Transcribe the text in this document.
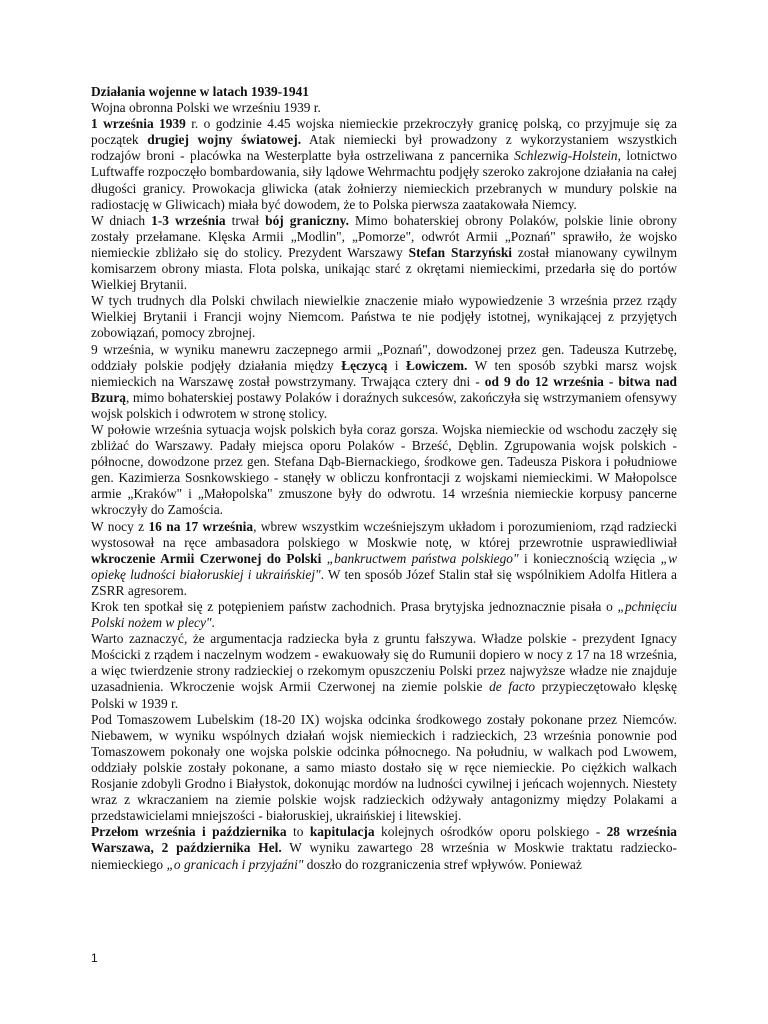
Działania wojenne w latach 1939-1941

Wojna obronna Polski we wrześniu 1939 r.

1 września 1939 r. o godzinie 4.45 wojska niemieckie przekroczyły granicę polską, co przyjmuje się za początek drugiej wojny światowej. Atak niemiecki był prowadzony z wykorzystaniem wszystkich rodzajów broni - placówka na Westerplatte była ostrzeliwana z pancernika Schlezwig-Holstein, lotnictwo Luftwaffe rozpoczęło bombardowania, siły lądowe Wehrmachtu podjęły szeroko zakrojone działania na całej długości granicy. Prowokacja gliwicka (atak żołnierzy niemieckich przebranych w mundury polskie na radiostację w Gliwicach) miała być dowodem, że to Polska pierwsza zaatakowała Niemcy.

W dniach 1-3 września trwał bój graniczny. Mimo bohaterskiej obrony Polaków, polskie linie obrony zostały przełamane. Klęska Armii „Modlin", „Pomorze", odwrót Armii „Poznań" sprawiło, że wojsko niemieckie zbliżało się do stolicy. Prezydent Warszawy Stefan Starzyński został mianowany cywilnym komisarzem obrony miasta. Flota polska, unikając starć z okrętami niemieckimi, przedarła się do portów Wielkiej Brytanii.

W tych trudnych dla Polski chwilach niewielkie znaczenie miało wypowiedzenie 3 września przez rządy Wielkiej Brytanii i Francji wojny Niemcom. Państwa te nie podjęły istotnej, wynikającej z przyjętych zobowiązań, pomocy zbrojnej.

9 września, w wyniku manewru zaczepnego armii „Poznań", dowodzonej przez gen. Tadeusza Kutrzebę, oddziały polskie podjęły działania między Łęczycą i Łowiczem. W ten sposób szybki marsz wojsk niemieckich na Warszawę został powstrzymany. Trwająca cztery dni - od 9 do 12 września - bitwa nad Bzurą, mimo bohaterskiej postawy Polaków i doraźnych sukcesów, zakończyła się wstrzymaniem ofensywy wojsk polskich i odwrotem w stronę stolicy.

W połowie września sytuacja wojsk polskich była coraz gorsza. Wojska niemieckie od wschodu zaczęły się zbliżać do Warszawy. Padały miejsca oporu Polaków - Brześć, Dęblin. Zgrupowania wojsk polskich - północne, dowodzone przez gen. Stefana Dąb-Biernackiego, środkowe gen. Tadeusza Piskora i południowe gen. Kazimierza Sosnkowskiego - stanęły w obliczu konfrontacji z wojskami niemieckimi. W Małopolsce armie „Kraków" i „Małopolska" zmuszone były do odwrotu. 14 września niemieckie korpusy pancerne wkroczyły do Zamościa.

W nocy z 16 na 17 września, wbrew wszystkim wcześniejszym układom i porozumieniom, rząd radziecki wystosował na ręce ambasadora polskiego w Moskwie notę, w której przewrotnie usprawiedliwiał wkroczenie Armii Czerwonej do Polski „bankructwem państwa polskiego" i koniecznością wzięcia „w opiekę ludności białoruskiej i ukraińskiej". W ten sposób Józef Stalin stał się wspólnikiem Adolfa Hitlera a ZSRR agresorem.

Krok ten spotkał się z potępieniem państw zachodnich. Prasa brytyjska jednoznacznie pisała o „pchnięciu Polski nożem w plecy".

Warto zaznaczyć, że argumentacja radziecka była z gruntu fałszywa. Władze polskie - prezydent Ignacy Mościcki z rządem i naczelnym wodzem - ewakuowały się do Rumunii dopiero w nocy z 17 na 18 września, a więc twierdzenie strony radzieckiej o rzekomym opuszczeniu Polski przez najwyższe władze nie znajduje uzasadnienia. Wkroczenie wojsk Armii Czerwonej na ziemie polskie de facto przypieczętowało klęskę Polski w 1939 r.

Pod Tomaszowem Lubelskim (18-20 IX) wojska odcinka środkowego zostały pokonane przez Niemców. Niebawem, w wyniku wspólnych działań wojsk niemieckich i radzieckich, 23 września ponownie pod Tomaszowem pokonały one wojska polskie odcinka północnego. Na południu, w walkach pod Lwowem, oddziały polskie zostały pokonane, a samo miasto dostało się w ręce niemieckie. Po ciężkich walkach Rosjanie zdobyli Grodno i Białystok, dokonując mordów na ludności cywilnej i jeńcach wojennych. Niestety wraz z wkraczaniem na ziemie polskie wojsk radzieckich odżywały antagonizmy między Polakami a przedstawicielami mniejszości - białoruskiej, ukraińskiej i litewskiej.

Przełom września i października to kapitulacja kolejnych ośrodków oporu polskiego - 28 września Warszawa, 2 października Hel. W wyniku zawartego 28 września w Moskwie traktatu radziecko-niemieckiego „o granicach i przyjaźni" doszło do rozgraniczenia stref wpływów. Ponieważ

1
